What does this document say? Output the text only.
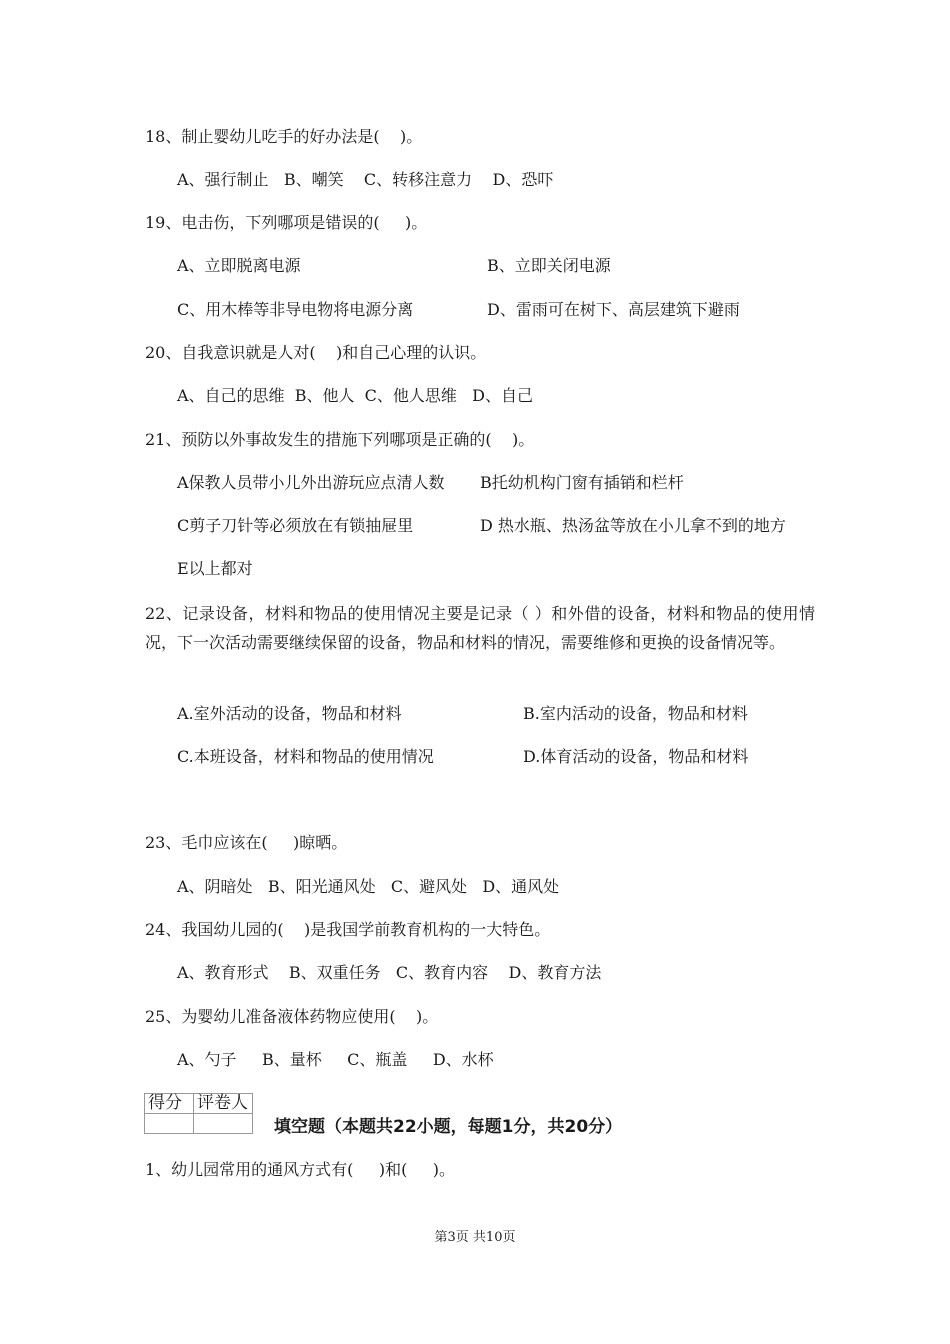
18、制止婴幼儿吃手的好办法是(    )。
A、强行制止   B、嘲笑    C、转移注意力    D、恐吓
19、电击伤，下列哪项是错误的(     )。
A、立即脱离电源	B、立即关闭电源
C、用木棒等非导电物将电源分离	D、雷雨可在树下、高层建筑下避雨
20、自我意识就是人对(    )和自己心理的认识。
A、自己的思维  B、他人  C、他人思维   D、自己
21、预防以外事故发生的措施下列哪项是正确的(    )。
A保教人员带小儿外出游玩应点清人数 B托幼机构门窗有插销和栏杆
C剪子刀针等必须放在有锁抽屉里	D 热水瓶、热汤盆等放在小儿拿不到的地方
E以上都对
22、记录设备，材料和物品的使用情况主要是记录（ ）和外借的设备，材料和物品的使用情况，下一次活动需要继续保留的设备，物品和材料的情况，需要维修和更换的设备情况等。
A.室外活动的设备，物品和材料	B.室内活动的设备，物品和材料
C.本班设备，材料和物品的使用情况	D.体育活动的设备，物品和材料
23、毛巾应该在(     )晾晒。
A、阴暗处   B、阳光通风处   C、避风处   D、通风处
24、我国幼儿园的(    )是我国学前教育机构的一大特色。
A、教育形式    B、双重任务   C、教育内容    D、教育方法
25、为婴幼儿准备液体药物应使用(    )。
A、勺子     B、量杯     C、瓶盖     D、水杯
得分	评卷人

填空题（本题共22小题，每题1分，共20分）
1、幼儿园常用的通风方式有(     )和(     )。
第3页 共10页
